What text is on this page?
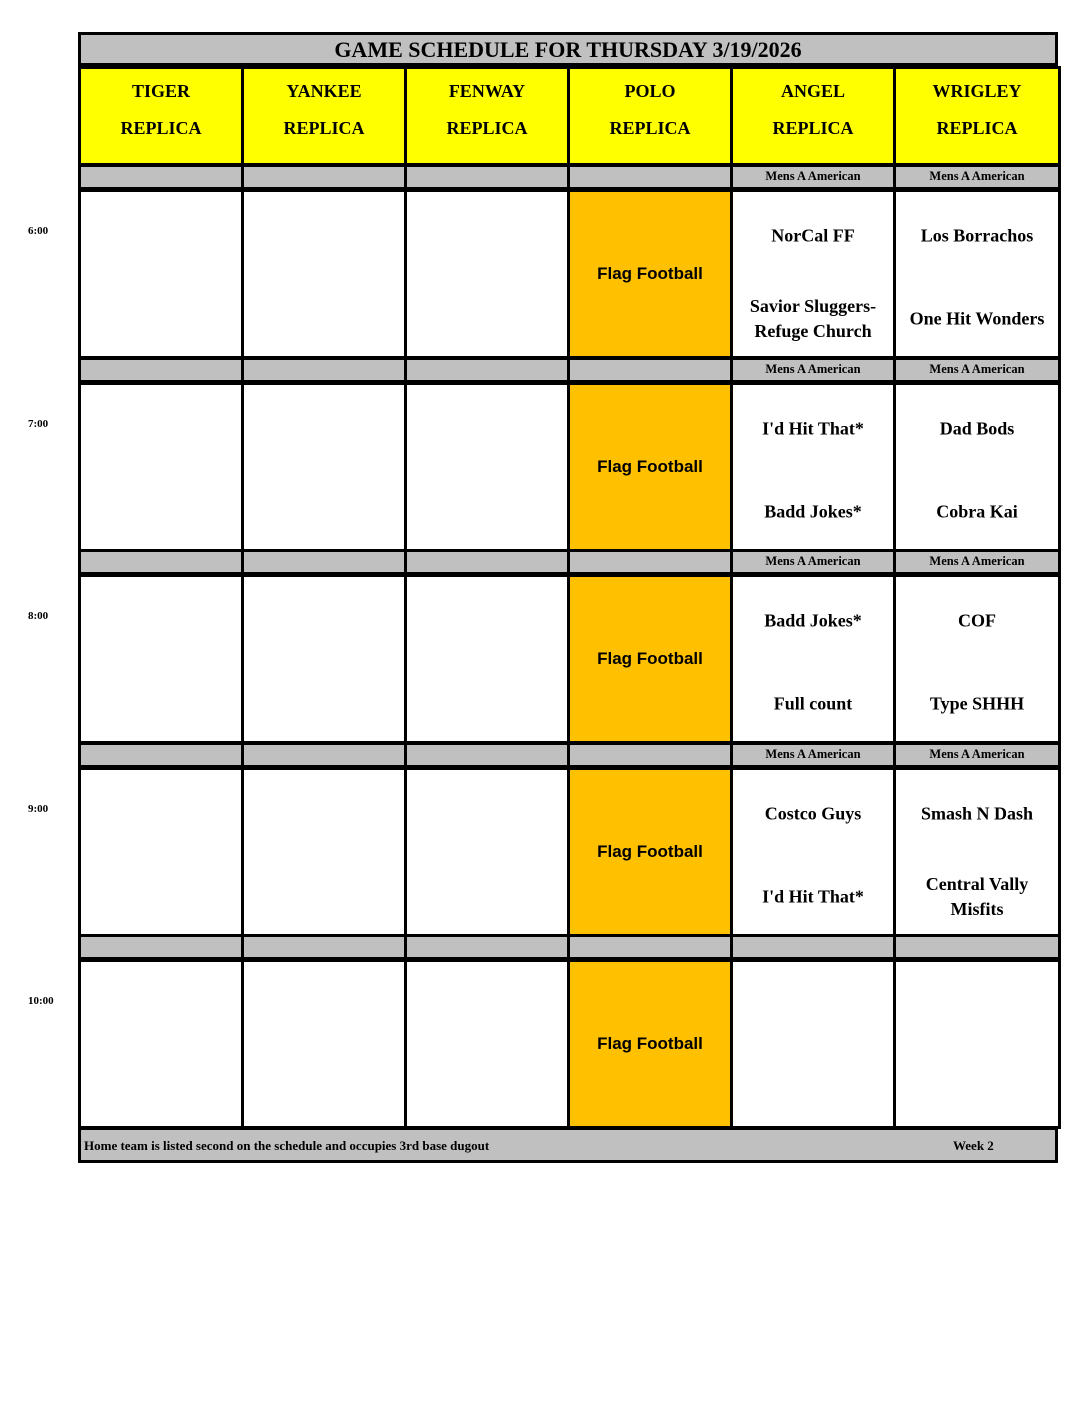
GAME SCHEDULE FOR THURSDAY 3/19/2026
TIGER
REPLICA
YANKEE
REPLICA
FENWAY
REPLICA
POLO
REPLICA
ANGEL
REPLICA
WRIGLEY
REPLICA
6:00
Flag Football
Mens A American
NorCal FF
Savior Sluggers-
Refuge Church
Mens A American
Los Borrachos
One Hit Wonders
7:00
Flag Football
Mens A American
I'd Hit That*
Badd Jokes*
Mens A American
Dad Bods
Cobra Kai
8:00
Flag Football
Mens A American
Badd Jokes*
Full count
Mens A American
COF
Type SHHH
9:00
Flag Football
Mens A American
Costco Guys
I'd Hit That*
Mens A American
Smash N Dash
Central Vally
Misfits
10:00
Flag Football
Home team is listed second on the schedule and occupies 3rd base dugout	Week 2
